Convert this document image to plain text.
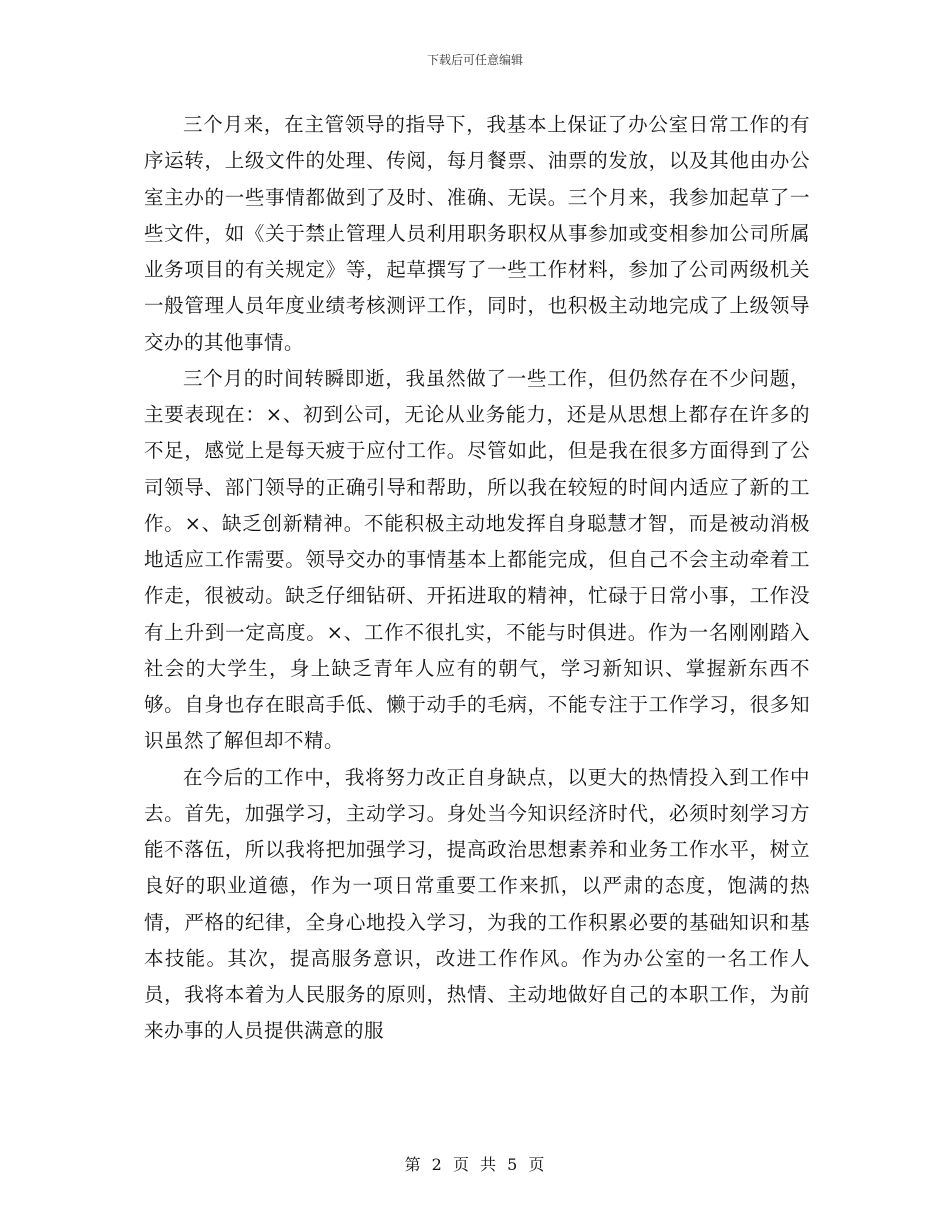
下载后可任意编辑

三个月来，在主管领导的指导下，我基本上保证了办公室日常工作的有序运转，上级文件的处理、传阅，每月餐票、油票的发放，以及其他由办公室主办的一些事情都做到了及时、准确、无误。三个月来，我参加起草了一些文件，如《关于禁止管理人员利用职务职权从事参加或变相参加公司所属业务项目的有关规定》等，起草撰写了一些工作材料，参加了公司两级机关一般管理人员年度业绩考核测评工作，同时，也积极主动地完成了上级领导交办的其他事情。

三个月的时间转瞬即逝，我虽然做了一些工作，但仍然存在不少问题，主要表现在：×、初到公司，无论从业务能力，还是从思想上都存在许多的不足，感觉上是每天疲于应付工作。尽管如此，但是我在很多方面得到了公司领导、部门领导的正确引导和帮助，所以我在较短的时间内适应了新的工作。×、缺乏创新精神。不能积极主动地发挥自身聪慧才智，而是被动消极地适应工作需要。领导交办的事情基本上都能完成，但自己不会主动牵着工作走，很被动。缺乏仔细钻研、开拓进取的精神，忙碌于日常小事，工作没有上升到一定高度。×、工作不很扎实，不能与时俱进。作为一名刚刚踏入社会的大学生，身上缺乏青年人应有的朝气，学习新知识、掌握新东西不够。自身也存在眼高手低、懒于动手的毛病，不能专注于工作学习，很多知识虽然了解但却不精。

在今后的工作中，我将努力改正自身缺点，以更大的热情投入到工作中去。首先，加强学习，主动学习。身处当今知识经济时代，必须时刻学习方能不落伍，所以我将把加强学习，提高政治思想素养和业务工作水平，树立良好的职业道德，作为一项日常重要工作来抓，以严肃的态度，饱满的热情，严格的纪律，全身心地投入学习，为我的工作积累必要的基础知识和基本技能。其次，提高服务意识，改进工作作风。作为办公室的一名工作人员，我将本着为人民服务的原则，热情、主动地做好自己的本职工作，为前来办事的人员提供满意的服

第 2 页 共 5 页
